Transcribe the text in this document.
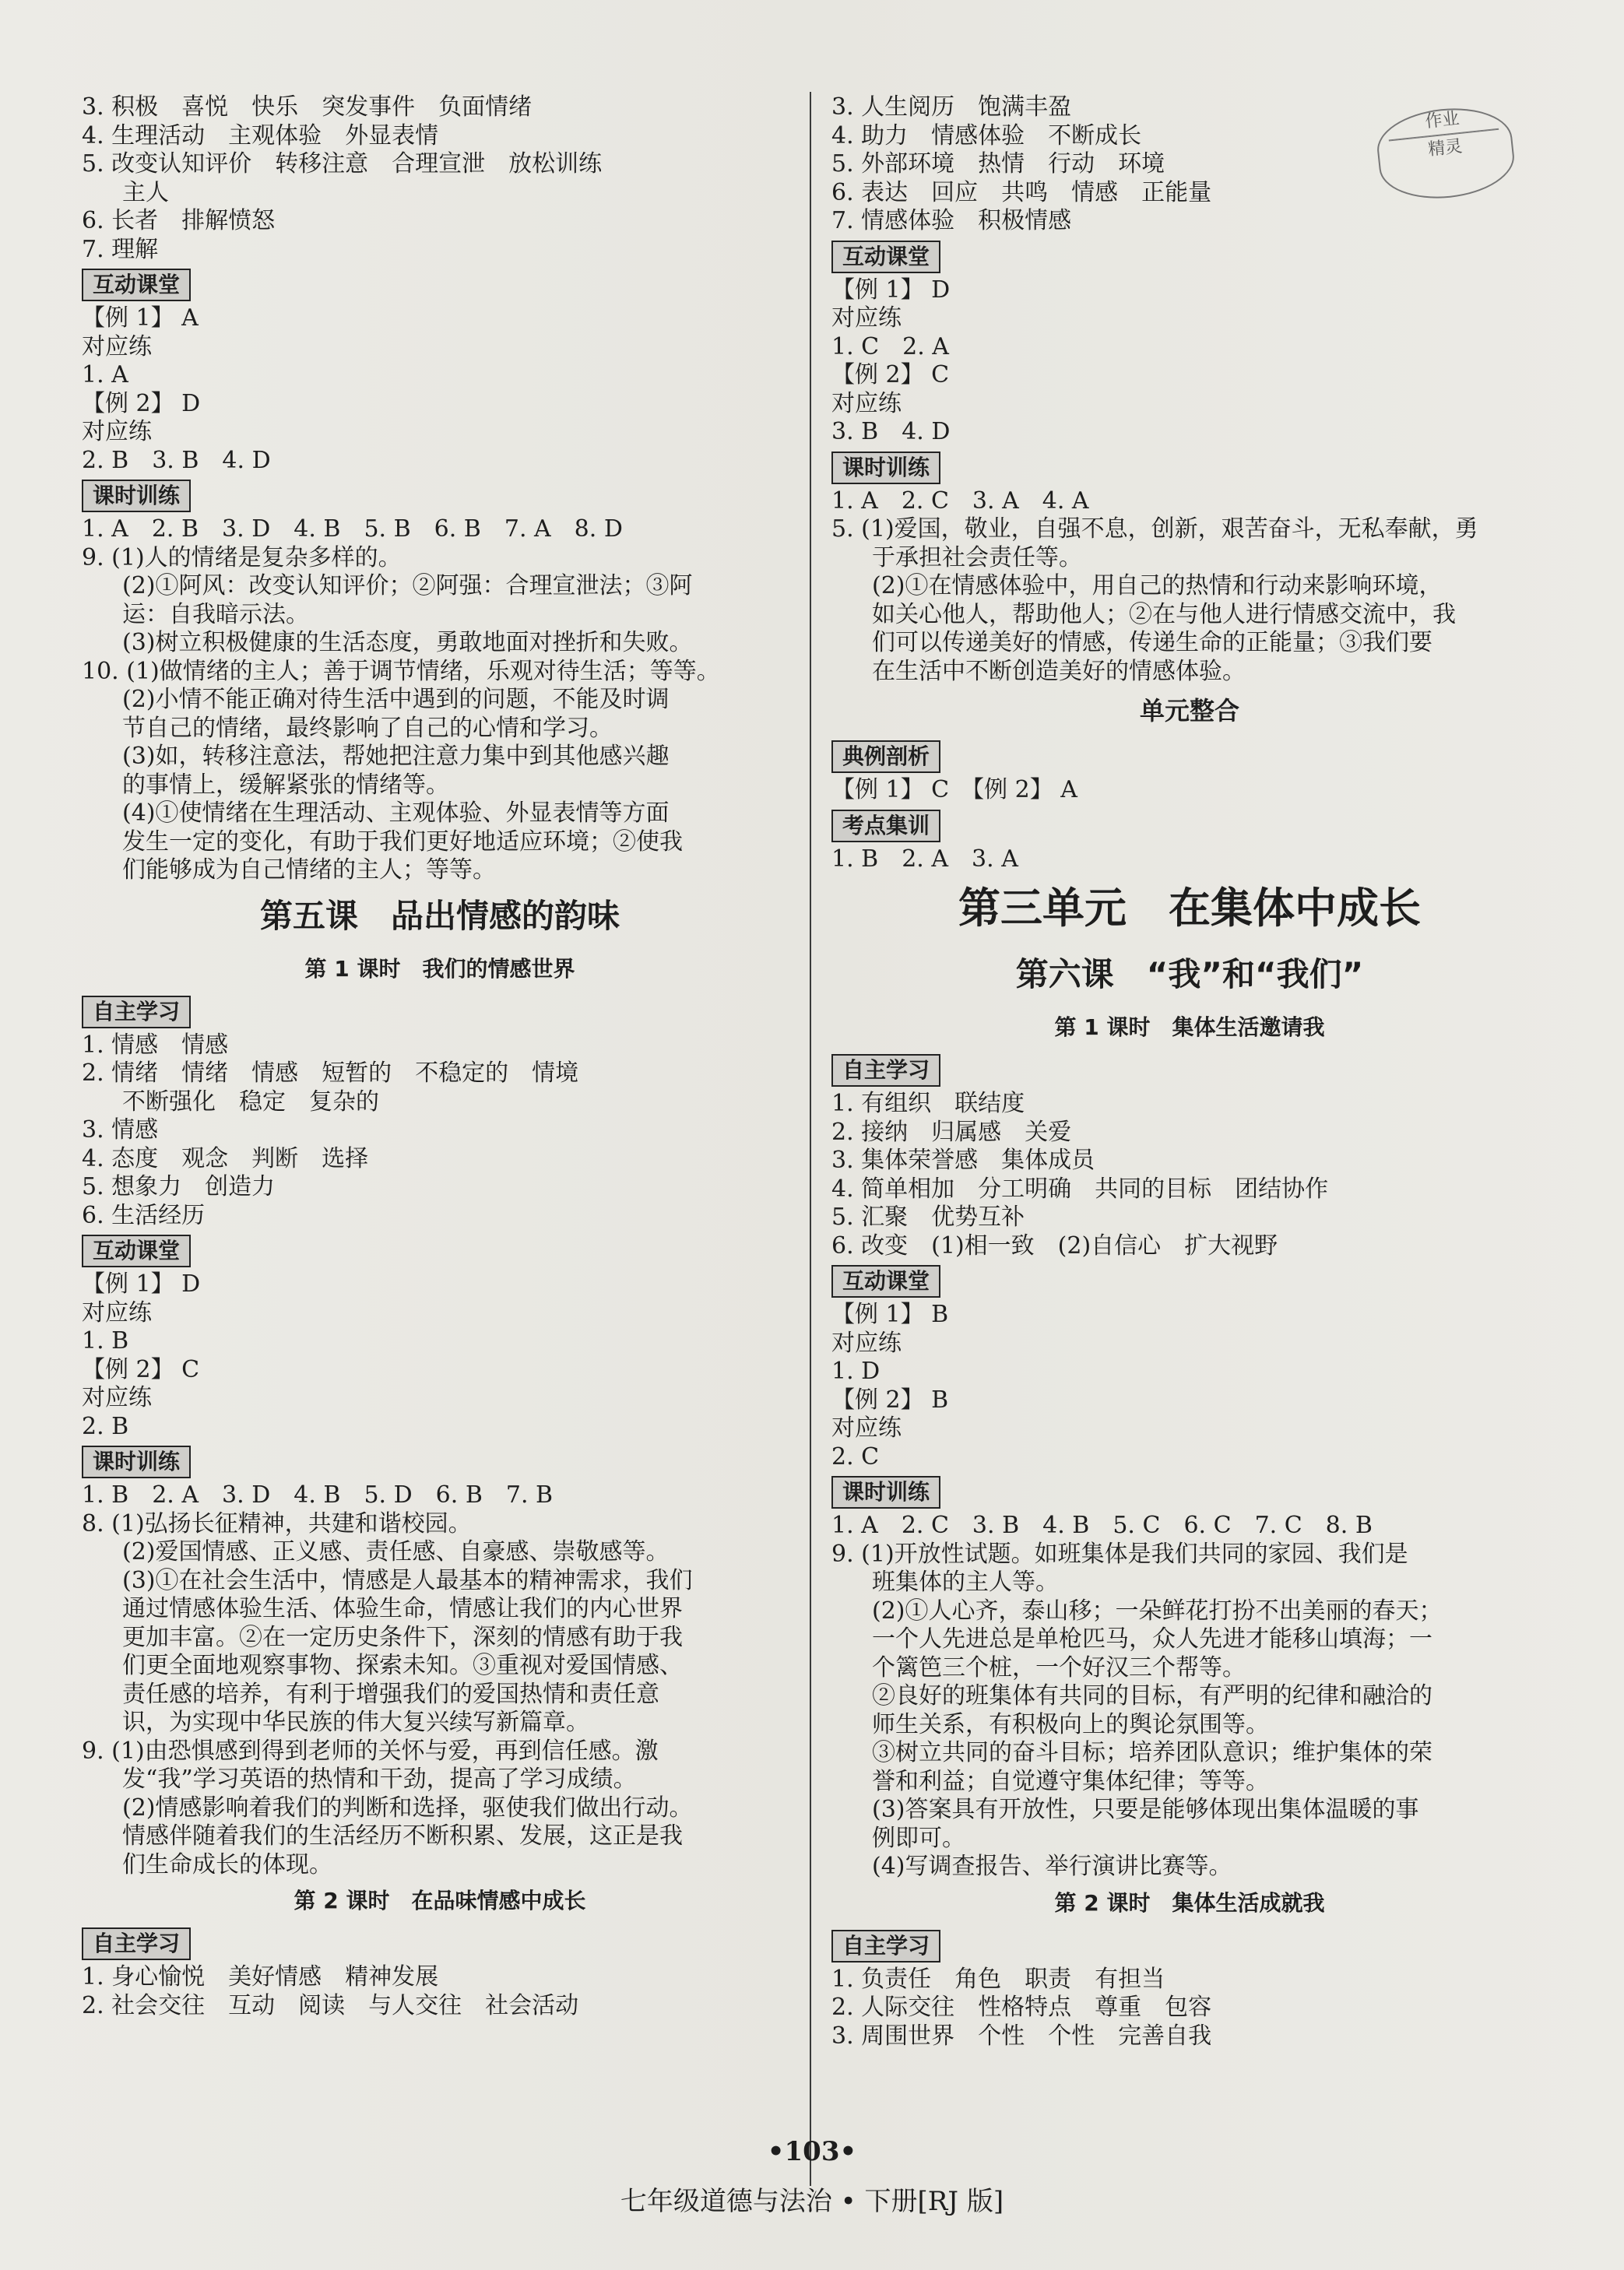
作业
精灵
3. 积极　喜悦　快乐　突发事件　负面情绪
4. 生理活动　主观体验　外显表情
5. 改变认知评价　转移注意　合理宣泄　放松训练
主人
6. 长者　排解愤怒
7. 理解
互动课堂
【例 1】 A
对应练
1. A
【例 2】 D
对应练
2. B　3. B　4. D
课时训练
1. A　2. B　3. D　4. B　5. B　6. B　7. A　8. D
9. (1)人的情绪是复杂多样的。
(2)①阿风：改变认知评价；②阿强：合理宣泄法；③阿
运：自我暗示法。
(3)树立积极健康的生活态度，勇敢地面对挫折和失败。
10. (1)做情绪的主人；善于调节情绪，乐观对待生活；等等。
(2)小情不能正确对待生活中遇到的问题，不能及时调
节自己的情绪，最终影响了自己的心情和学习。
(3)如，转移注意法，帮她把注意力集中到其他感兴趣
的事情上，缓解紧张的情绪等。
(4)①使情绪在生理活动、主观体验、外显表情等方面
发生一定的变化，有助于我们更好地适应环境；②使我
们能够成为自己情绪的主人；等等。
第五课　品出情感的韵味
第 1 课时　我们的情感世界
自主学习
1. 情感　情感
2. 情绪　情绪　情感　短暂的　不稳定的　情境
不断强化　稳定　复杂的
3. 情感
4. 态度　观念　判断　选择
5. 想象力　创造力
6. 生活经历
互动课堂
【例 1】 D
对应练
1. B
【例 2】 C
对应练
2. B
课时训练
1. B　2. A　3. D　4. B　5. D　6. B　7. B
8. (1)弘扬长征精神，共建和谐校园。
(2)爱国情感、正义感、责任感、自豪感、崇敬感等。
(3)①在社会生活中，情感是人最基本的精神需求，我们
通过情感体验生活、体验生命，情感让我们的内心世界
更加丰富。②在一定历史条件下，深刻的情感有助于我
们更全面地观察事物、探索未知。③重视对爱国情感、
责任感的培养，有利于增强我们的爱国热情和责任意
识，为实现中华民族的伟大复兴续写新篇章。
9. (1)由恐惧感到得到老师的关怀与爱，再到信任感。激
发“我”学习英语的热情和干劲，提高了学习成绩。
(2)情感影响着我们的判断和选择，驱使我们做出行动。
情感伴随着我们的生活经历不断积累、发展，这正是我
们生命成长的体现。
第 2 课时　在品味情感中成长
自主学习
1. 身心愉悦　美好情感　精神发展
2. 社会交往　互动　阅读　与人交往　社会活动
3. 人生阅历　饱满丰盈
4. 助力　情感体验　不断成长
5. 外部环境　热情　行动　环境
6. 表达　回应　共鸣　情感　正能量
7. 情感体验　积极情感
互动课堂
【例 1】 D
对应练
1. C　2. A
【例 2】 C
对应练
3. B　4. D
课时训练
1. A　2. C　3. A　4. A
5. (1)爱国，敬业，自强不息，创新，艰苦奋斗，无私奉献，勇
于承担社会责任等。
(2)①在情感体验中，用自己的热情和行动来影响环境，
如关心他人，帮助他人；②在与他人进行情感交流中，我
们可以传递美好的情感，传递生命的正能量；③我们要
在生活中不断创造美好的情感体验。
单元整合
典例剖析
【例 1】 C　【例 2】 A
考点集训
1. B　2. A　3. A
第三单元　在集体中成长
第六课　“我”和“我们”
第 1 课时　集体生活邀请我
自主学习
1. 有组织　联结度
2. 接纳　归属感　关爱
3. 集体荣誉感　集体成员
4. 简单相加　分工明确　共同的目标　团结协作
5. 汇聚　优势互补
6. 改变　(1)相一致　(2)自信心　扩大视野
互动课堂
【例 1】 B
对应练
1. D
【例 2】 B
对应练
2. C
课时训练
1. A　2. C　3. B　4. B　5. C　6. C　7. C　8. B
9. (1)开放性试题。如班集体是我们共同的家园、我们是
班集体的主人等。
(2)①人心齐，泰山移；一朵鲜花打扮不出美丽的春天；
一个人先进总是单枪匹马，众人先进才能移山填海；一
个篱笆三个桩，一个好汉三个帮等。
②良好的班集体有共同的目标，有严明的纪律和融洽的
师生关系，有积极向上的舆论氛围等。
③树立共同的奋斗目标；培养团队意识；维护集体的荣
誉和利益；自觉遵守集体纪律；等等。
(3)答案具有开放性，只要是能够体现出集体温暖的事
例即可。
(4)写调查报告、举行演讲比赛等。
第 2 课时　集体生活成就我
自主学习
1. 负责任　角色　职责　有担当
2. 人际交往　性格特点　尊重　包容
3. 周围世界　个性　个性　完善自我
•103•
七年级道德与法治 • 下册[RJ 版]
